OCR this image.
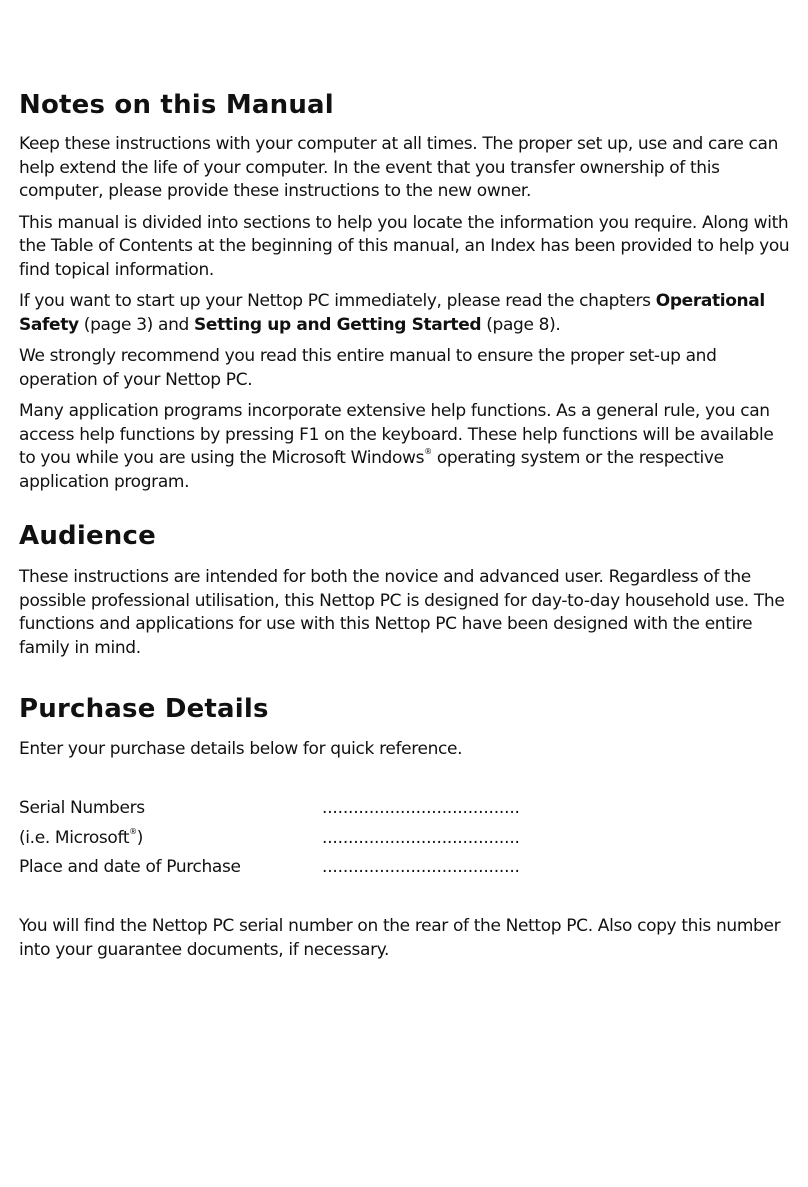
Notes on this Manual

Keep these instructions with your computer at all times. The proper set up, use and care can help extend the life of your computer. In the event that you transfer ownership of this computer, please provide these instructions to the new owner.

This manual is divided into sections to help you locate the information you require. Along with the Table of Contents at the beginning of this manual, an Index has been provided to help you find topical information.

If you want to start up your Nettop PC immediately, please read the chapters Operational Safety (page 3) and Setting up and Getting Started (page 8).

We strongly recommend you read this entire manual to ensure the proper set-up and operation of your Nettop PC.

Many application programs incorporate extensive help functions. As a general rule, you can access help functions by pressing F1 on the keyboard. These help functions will be available to you while you are using the Microsoft Windows® operating system or the respective application program.

Audience

These instructions are intended for both the novice and advanced user. Regardless of the possible professional utilisation, this Nettop PC is designed for day-to-day household use. The functions and applications for use with this Nettop PC have been designed with the entire family in mind.

Purchase Details

Enter your purchase details below for quick reference.

Serial Numbers	......................................

(i.e. Microsoft®)	......................................

Place and date of Purchase	......................................

You will find the Nettop PC serial number on the rear of the Nettop PC. Also copy this number into your guarantee documents, if necessary.
